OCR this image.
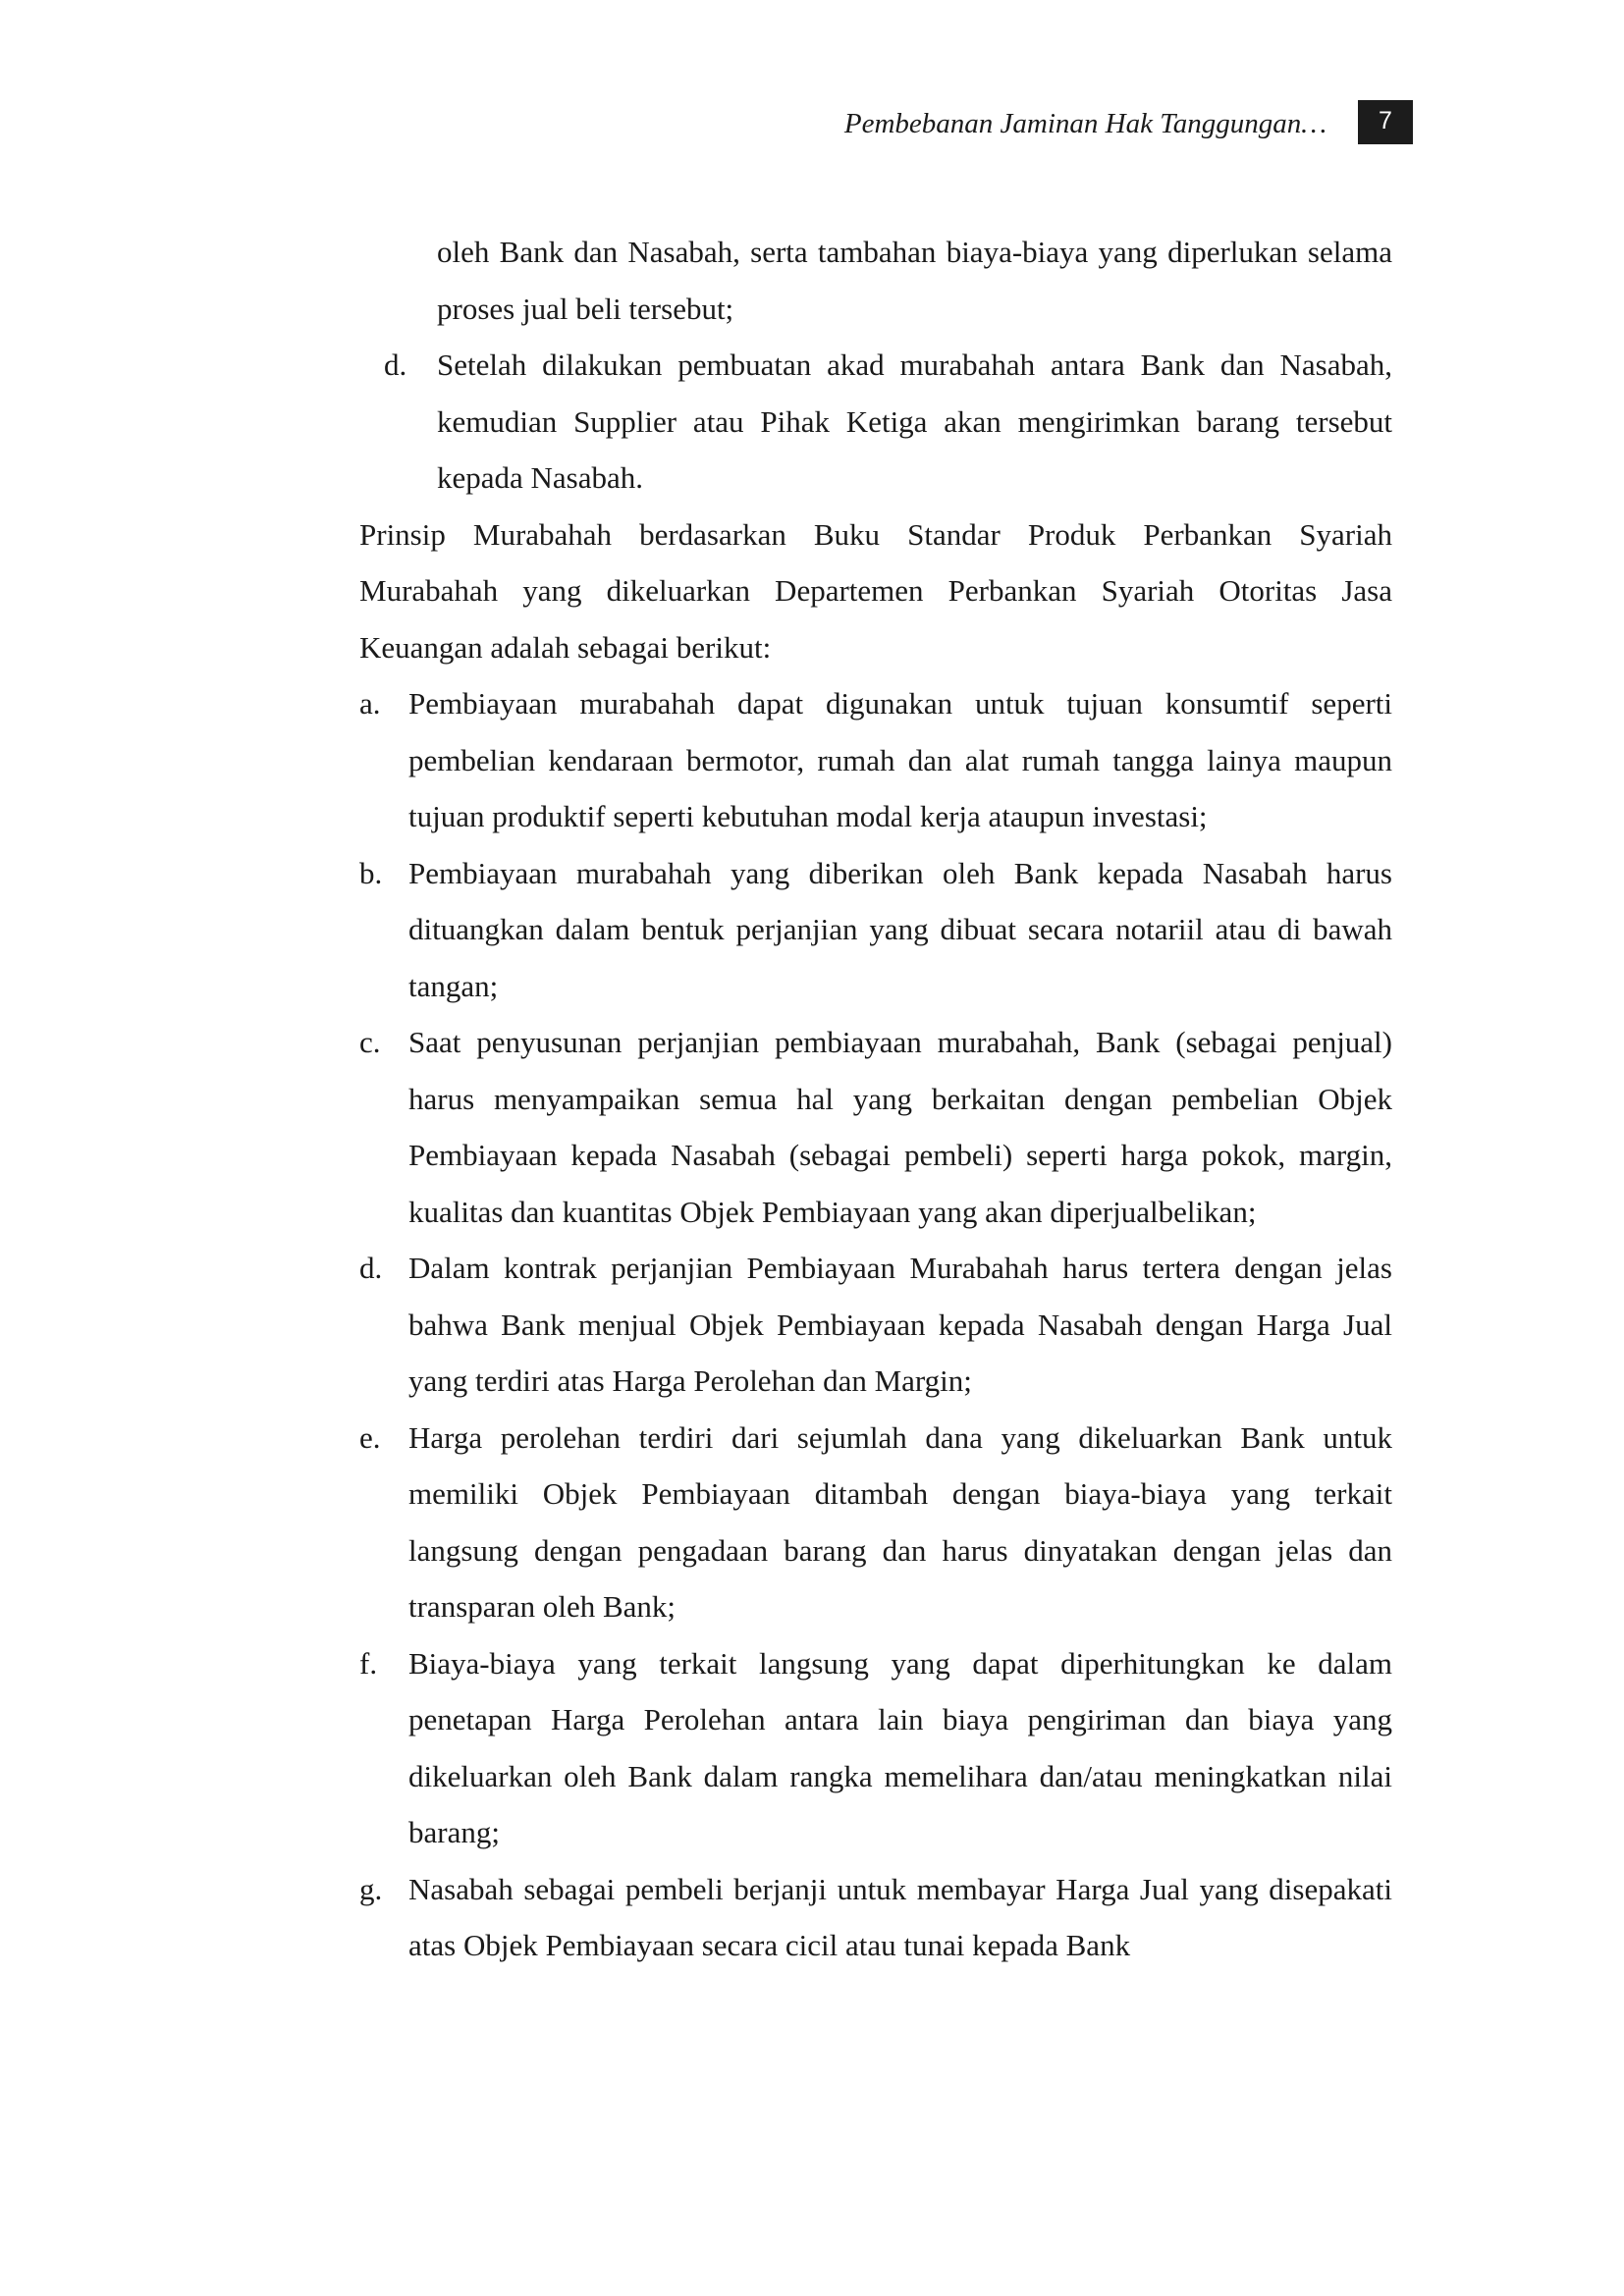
Pembebanan Jaminan Hak Tanggungan…	7

oleh Bank dan Nasabah, serta tambahan biaya-biaya yang diperlukan selama proses jual beli tersebut;

d. Setelah dilakukan pembuatan akad murabahah antara Bank dan Nasabah, kemudian Supplier atau Pihak Ketiga akan mengirimkan barang tersebut kepada Nasabah.

Prinsip Murabahah berdasarkan Buku Standar Produk Perbankan Syariah Murabahah yang dikeluarkan Departemen Perbankan Syariah Otoritas Jasa Keuangan adalah sebagai berikut:

a. Pembiayaan murabahah dapat digunakan untuk tujuan konsumtif seperti pembelian kendaraan bermotor, rumah dan alat rumah tangga lainya maupun tujuan produktif seperti kebutuhan modal kerja ataupun investasi;
b. Pembiayaan murabahah yang diberikan oleh Bank kepada Nasabah harus dituangkan dalam bentuk perjanjian yang dibuat secara notariil atau di bawah tangan;
c. Saat penyusunan perjanjian pembiayaan murabahah, Bank (sebagai penjual) harus menyampaikan semua hal yang berkaitan dengan pembelian Objek Pembiayaan kepada Nasabah (sebagai pembeli) seperti harga pokok, margin, kualitas dan kuantitas Objek Pembiayaan yang akan diperjualbelikan;
d. Dalam kontrak perjanjian Pembiayaan Murabahah harus tertera dengan jelas bahwa Bank menjual Objek Pembiayaan kepada Nasabah dengan Harga Jual yang terdiri atas Harga Perolehan dan Margin;
e. Harga perolehan terdiri dari sejumlah dana yang dikeluarkan Bank untuk memiliki Objek Pembiayaan ditambah dengan biaya-biaya yang terkait langsung dengan pengadaan barang dan harus dinyatakan dengan jelas dan transparan oleh Bank;
f. Biaya-biaya yang terkait langsung yang dapat diperhitungkan ke dalam penetapan Harga Perolehan antara lain biaya pengiriman dan biaya yang dikeluarkan oleh Bank dalam rangka memelihara dan/atau meningkatkan nilai barang;
g. Nasabah sebagai pembeli berjanji untuk membayar Harga Jual yang disepakati atas Objek Pembiayaan secara cicil atau tunai kepada Bank
